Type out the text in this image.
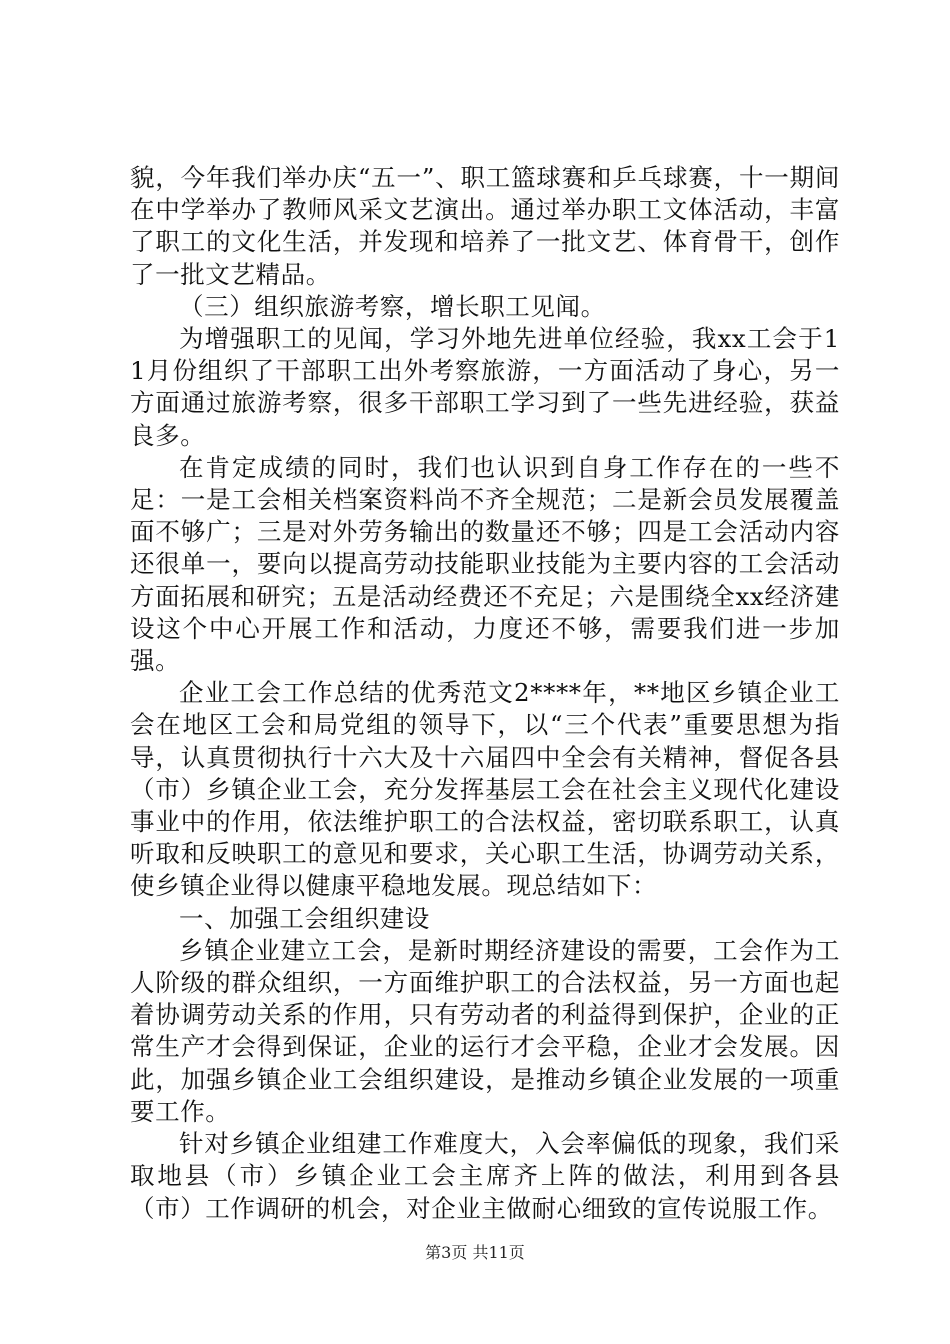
貌，今年我们举办庆“五一”、职工篮球赛和乒乓球赛，十一期间在中学举办了教师风采文艺演出。通过举办职工文体活动，丰富了职工的文化生活，并发现和培养了一批文艺、体育骨干，创作了一批文艺精品。

（三）组织旅游考察，增长职工见闻。

为增强职工的见闻，学习外地先进单位经验，我xx工会于11月份组织了干部职工出外考察旅游，一方面活动了身心，另一方面通过旅游考察，很多干部职工学习到了一些先进经验，获益良多。

在肯定成绩的同时，我们也认识到自身工作存在的一些不足：一是工会相关档案资料尚不齐全规范；二是新会员发展覆盖面不够广；三是对外劳务输出的数量还不够；四是工会活动内容还很单一，要向以提高劳动技能职业技能为主要内容的工会活动方面拓展和研究；五是活动经费还不充足；六是围绕全xx经济建设这个中心开展工作和活动，力度还不够，需要我们进一步加强。

企业工会工作总结的优秀范文2****年，**地区乡镇企业工会在地区工会和局党组的领导下，以“三个代表”重要思想为指导，认真贯彻执行十六大及十六届四中全会有关精神，督促各县（市）乡镇企业工会，充分发挥基层工会在社会主义现代化建设事业中的作用，依法维护职工的合法权益，密切联系职工，认真听取和反映职工的意见和要求，关心职工生活，协调劳动关系，使乡镇企业得以健康平稳地发展。现总结如下：

一、加强工会组织建设

乡镇企业建立工会，是新时期经济建设的需要，工会作为工人阶级的群众组织，一方面维护职工的合法权益，另一方面也起着协调劳动关系的作用，只有劳动者的利益得到保护，企业的正常生产才会得到保证，企业的运行才会平稳，企业才会发展。因此，加强乡镇企业工会组织建设，是推动乡镇企业发展的一项重要工作。

针对乡镇企业组建工作难度大，入会率偏低的现象，我们采取地县（市）乡镇企业工会主席齐上阵的做法，利用到各县（市）工作调研的机会，对企业主做耐心细致的宣传说服工作。

第3页 共11页
